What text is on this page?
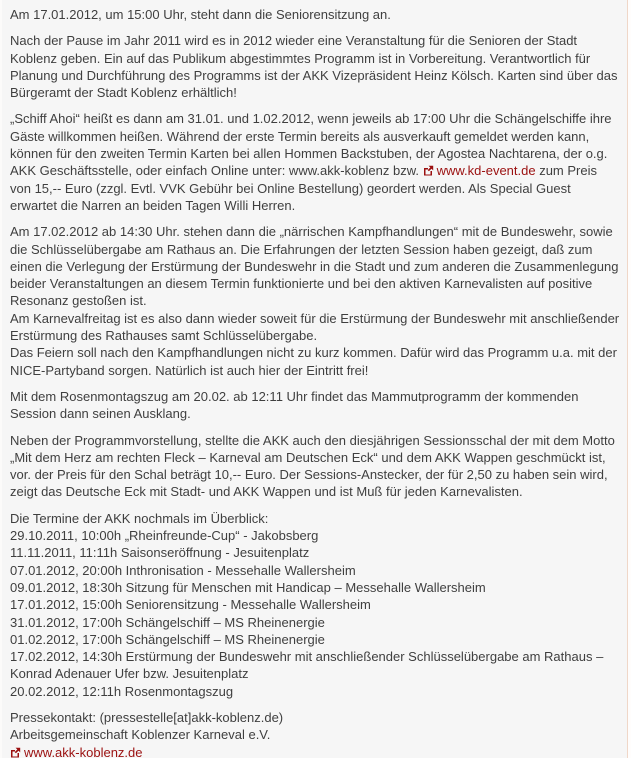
Am 17.01.2012, um 15:00 Uhr, steht dann die Seniorensitzung an.

Nach der Pause im Jahr 2011 wird es in 2012 wieder eine Veranstaltung für die Senioren der Stadt Koblenz geben. Ein auf das Publikum abgestimmtes Programm ist in Vorbereitung. Verantwortlich für Planung und Durchführung des Programms ist der AKK Vizepräsident Heinz Kölsch. Karten sind über das Bürgeramt der Stadt Koblenz erhältlich!

„Schiff Ahoi“ heißt es dann am 31.01. und 1.02.2012, wenn jeweils ab 17:00 Uhr die Schängelschiffe ihre Gäste willkommen heißen. Während der erste Termin bereits als ausverkauft gemeldet werden kann, können für den zweiten Termin Karten bei allen Hommen Backstuben, der Agostea Nachtarena, der o.g. AKK Geschäftsstelle, oder einfach Online unter: www.akk-koblenz bzw.
www.kd-event.de zum Preis von 15,-- Euro (zzgl. Evtl. VVK Gebühr bei Online Bestellung) geordert werden. Als Special Guest erwartet die Narren an beiden Tagen Willi Herren.

Am 17.02.2012 ab 14:30 Uhr. stehen dann die „närrischen Kampfhandlungen“ mit de Bundeswehr, sowie die Schlüsselübergabe am Rathaus an. Die Erfahrungen der letzten Session haben gezeigt, daß zum einen die Verlegung der Erstürmung der Bundeswehr in die Stadt und zum anderen die Zusammenlegung beider Veranstaltungen an diesem Termin funktionierte und bei den aktiven Karnevalisten auf positive Resonanz gestoßen ist.
Am Karnevalfreitag ist es also dann wieder soweit für die Erstürmung der Bundeswehr mit anschließender Erstürmung des Rathauses samt Schlüsselübergabe.
Das Feiern soll nach den Kampfhandlungen nicht zu kurz kommen. Dafür wird das Programm u.a. mit der NICE-Partyband sorgen. Natürlich ist auch hier der Eintritt frei!

Mit dem Rosenmontagszug am 20.02. ab 12:11 Uhr findet das Mammutprogramm der kommenden Session dann seinen Ausklang.

Neben der Programmvorstellung, stellte die AKK auch den diesjährigen Sessionsschal der mit dem Motto „Mit dem Herz am rechten Fleck – Karneval am Deutschen Eck“ und dem AKK Wappen geschmückt ist, vor. der Preis für den Schal beträgt 10,-- Euro. Der Sessions-Anstecker, der für 2,50 zu haben sein wird, zeigt das Deutsche Eck mit Stadt- und AKK Wappen und ist Muß für jeden Karnevalisten.

Die Termine der AKK nochmals im Überblick:
29.10.2011, 10:00h „Rheinfreunde-Cup“ - Jakobsberg
11.11.2011, 11:11h Saisonseröffnung - Jesuitenplatz
07.01.2012, 20:00h Inthronisation - Messehalle Wallersheim
09.01.2012, 18:30h Sitzung für Menschen mit Handicap – Messehalle Wallersheim
17.01.2012, 15:00h Seniorensitzung - Messehalle Wallersheim
31.01.2012, 17:00h Schängelschiff – MS Rheinenergie
01.02.2012, 17:00h Schängelschiff – MS Rheinenergie
17.02.2012, 14:30h Erstürmung der Bundeswehr mit anschließender Schlüsselübergabe am Rathaus – Konrad Adenauer Ufer bzw. Jesuitenplatz
20.02.2012, 12:11h Rosenmontagszug
Pressekontakt: (pressestelle[at]akk-koblenz.de)
Arbeitsgemeinschaft Koblenzer Karneval e.V.
www.akk-koblenz.de
